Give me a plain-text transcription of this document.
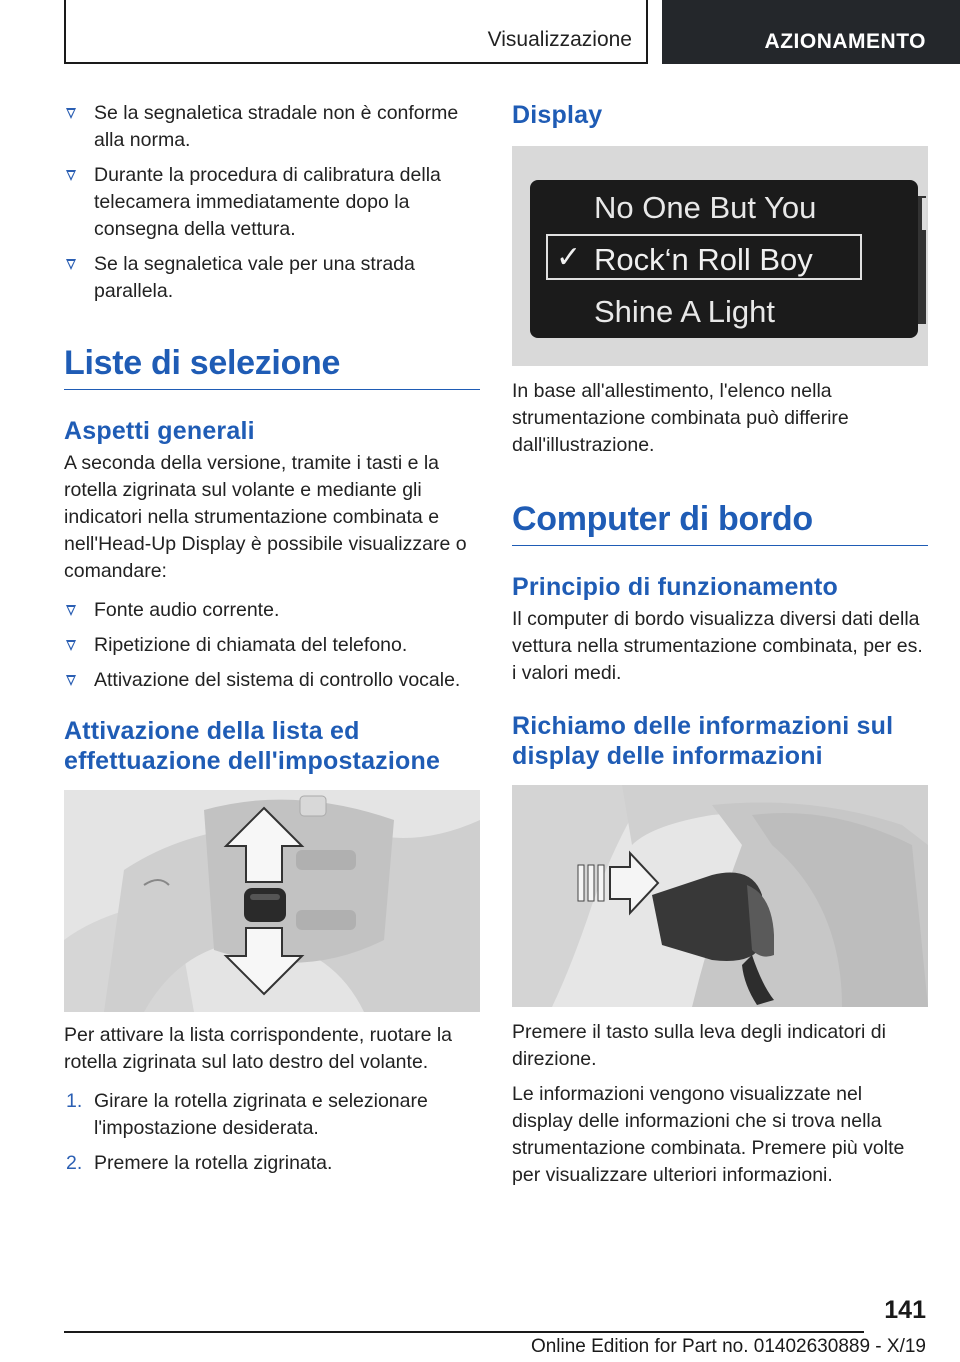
Visualizzazione	AZIONAMENTO
Se la segnaletica stradale non è conforme alla norma.
Durante la procedura di calibratura della telecamera immediatamente dopo la consegna della vettura.
Se la segnaletica vale per una strada parallela.
Liste di selezione
Aspetti generali

A seconda della versione, tramite i tasti e la rotella zigrinata sul volante e mediante gli indicatori nella strumentazione combinata e nell'Head-Up Display è possibile visualizzare o comandare:

Fonte audio corrente.
Ripetizione di chiamata del telefono.
Attivazione del sistema di controllo vocale.
Attivazione della lista ed effettuazione dell'impostazione

Per attivare la lista corrispondente, ruotare la rotella zigrinata sul lato destro del volante.

1. Girare la rotella zigrinata e selezionare l'impostazione desiderata.
2. Premere la rotella zigrinata.
Display
No One But You
✓ Rock‘n Roll Boy
Shine A Light

In base all'allestimento, l'elenco nella strumentazione combinata può differire dall'illustrazione.

Computer di bordo
Principio di funzionamento

Il computer di bordo visualizza diversi dati della vettura nella strumentazione combinata, per es. i valori medi.

Richiamo delle informazioni sul display delle informazioni

Premere il tasto sulla leva degli indicatori di direzione.

Le informazioni vengono visualizzate nel display delle informazioni che si trova nella strumentazione combinata. Premere più volte per visualizzare ulteriori informazioni.

141
Online Edition for Part no. 01402630889 - X/19
